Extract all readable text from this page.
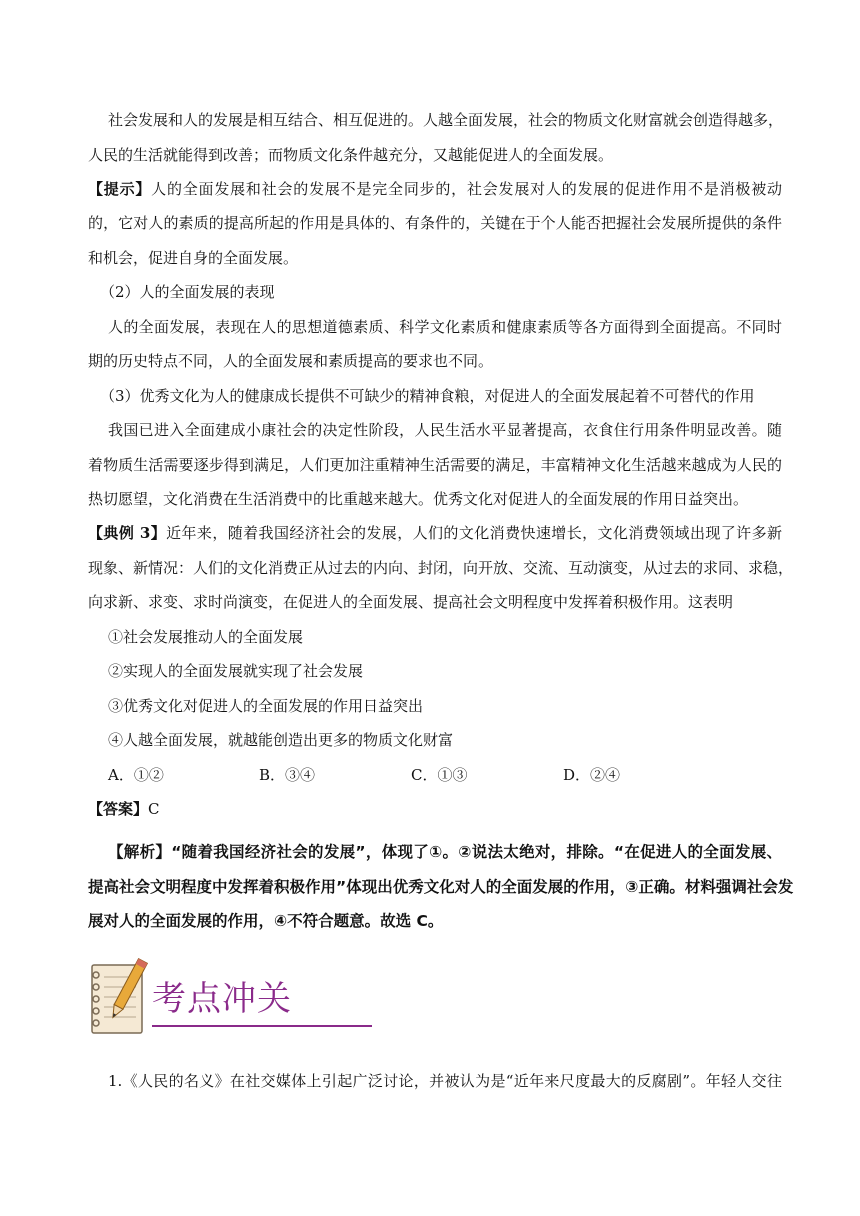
社会发展和人的发展是相互结合、相互促进的。人越全面发展，社会的物质文化财富就会创造得越多，
人民的生活就能得到改善；而物质文化条件越充分，又越能促进人的全面发展。
【提示】人的全面发展和社会的发展不是完全同步的，社会发展对人的发展的促进作用不是消极被动
的，它对人的素质的提高所起的作用是具体的、有条件的，关键在于个人能否把握社会发展所提供的条件
和机会，促进自身的全面发展。
（2）人的全面发展的表现
人的全面发展，表现在人的思想道德素质、科学文化素质和健康素质等各方面得到全面提高。不同时
期的历史特点不同，人的全面发展和素质提高的要求也不同。
（3）优秀文化为人的健康成长提供不可缺少的精神食粮，对促进人的全面发展起着不可替代的作用
我国已进入全面建成小康社会的决定性阶段，人民生活水平显著提高，衣食住行用条件明显改善。随
着物质生活需要逐步得到满足，人们更加注重精神生活需要的满足，丰富精神文化生活越来越成为人民的
热切愿望，文化消费在生活消费中的比重越来越大。优秀文化对促进人的全面发展的作用日益突出。
【典例 3】近年来，随着我国经济社会的发展，人们的文化消费快速增长，文化消费领域出现了许多新
现象、新情况：人们的文化消费正从过去的内向、封闭，向开放、交流、互动演变，从过去的求同、求稳，
向求新、求变、求时尚演变，在促进人的全面发展、提高社会文明程度中发挥着积极作用。这表明
①社会发展推动人的全面发展
②实现人的全面发展就实现了社会发展
③优秀文化对促进人的全面发展的作用日益突出
④人越全面发展，就越能创造出更多的物质文化财富
A．①②	B．③④	C．①③	D．②④
【答案】C
【解析】“随着我国经济社会的发展”，体现了①。②说法太绝对，排除。“在促进人的全面发展、
提高社会文明程度中发挥着积极作用”体现出优秀文化对人的全面发展的作用，③正确。材料强调社会发
展对人的全面发展的作用，④不符合题意。故选 C。
考点冲关
1.《人民的名义》在社交媒体上引起广泛讨论，并被认为是“近年来尺度最大的反腐剧”。年轻人交往
